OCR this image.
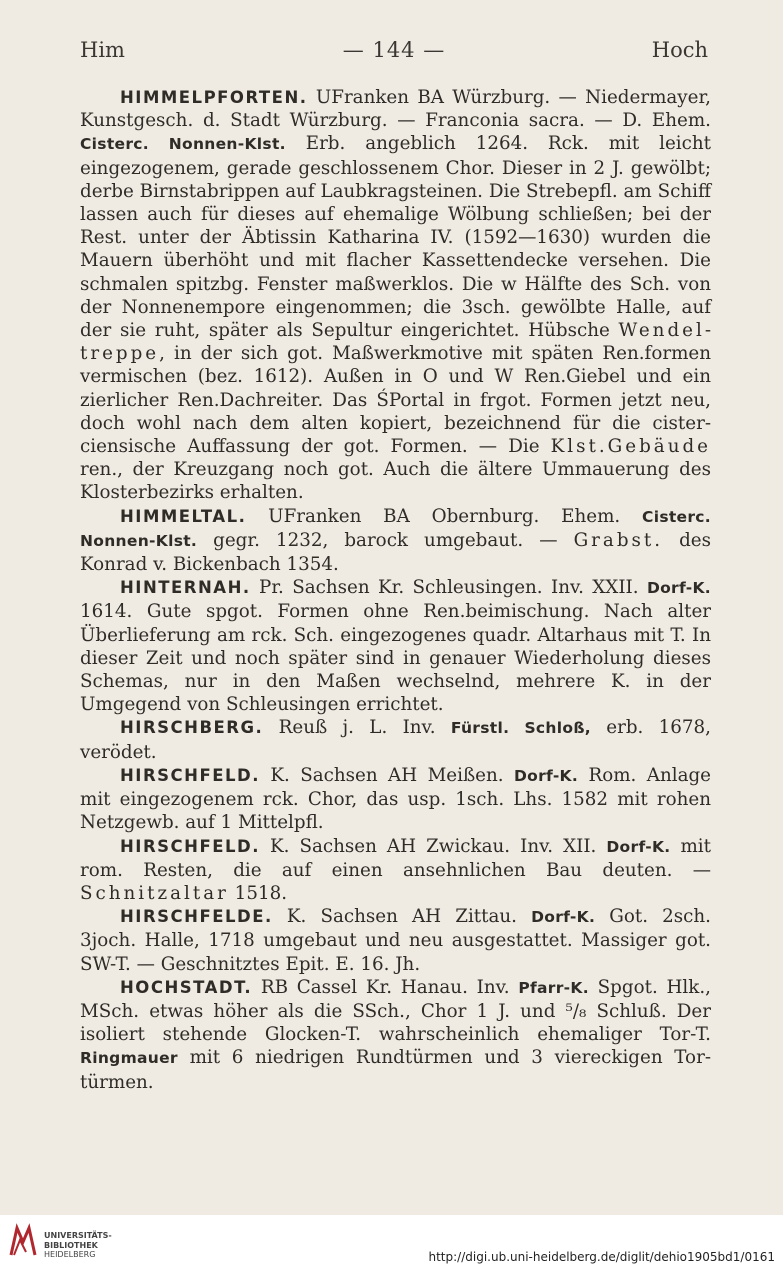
Him	— 144 —	Hoch

HIMMELPFORTEN. UFranken BA Würzburg. — Niedermayer, Kunstgesch. d. Stadt Würzburg. — Franconia sacra. — D. Ehem. Cisterc. Nonnen-Klst. Erb. angeblich 1264. Rck. mit leicht eingezogenem, gerade geschlossenem Chor. Dieser in 2 J. gewölbt; derbe Birnstabrippen auf Laubkragsteinen. Die Strebepfl. am Schiff lassen auch für dieses auf ehemalige Wölbung schließen; bei der Rest. unter der Äbtissin Katharina IV. (1592—1630) wurden die Mauern überhöht und mit flacher Kassettendecke versehen. Die schmalen spitzbg. Fenster maßwerklos. Die w Hälfte des Sch. von der Nonnenempore eingenommen; die 3sch. gewölbte Halle, auf der sie ruht, später als Sepultur eingerichtet. Hübsche Wendeltreppe, in der sich got. Maßwerkmotive mit späten Ren.formen vermischen (bez. 1612). Außen in O und W Ren.Giebel und ein zierlicher Ren.Dachreiter. Das ŚPortal in frgot. Formen jetzt neu, doch wohl nach dem alten kopiert, bezeichnend für die cisterciensische Auffassung der got. Formen. — Die Klst.Gebäude ren., der Kreuzgang noch got. Auch die ältere Ummauerung des Klosterbezirks erhalten.

HIMMELTAL. UFranken BA Obernburg. Ehem. Cisterc. Nonnen-Klst. gegr. 1232, barock umgebaut. — Grabst. des Konrad v. Bickenbach 1354.

HINTERNAH. Pr. Sachsen Kr. Schleusingen. Inv. XXII. Dorf-K. 1614. Gute spgot. Formen ohne Ren.beimischung. Nach alter Überlieferung am rck. Sch. eingezogenes quadr. Altarhaus mit T. In dieser Zeit und noch später sind in genauer Wiederholung dieses Schemas, nur in den Maßen wechselnd, mehrere K. in der Umgegend von Schleusingen errichtet.

HIRSCHBERG. Reuß j. L. Inv. Fürstl. Schloß, erb. 1678, verödet.

HIRSCHFELD. K. Sachsen AH Meißen. Dorf-K. Rom. Anlage mit eingezogenem rck. Chor, das usp. 1sch. Lhs. 1582 mit rohen Netzgewb. auf 1 Mittelpfl.

HIRSCHFELD. K. Sachsen AH Zwickau. Inv. XII. Dorf-K. mit rom. Resten, die auf einen ansehnlichen Bau deuten. — Schnitzaltar 1518.

HIRSCHFELDE. K. Sachsen AH Zittau. Dorf-K. Got. 2sch. 3joch. Halle, 1718 umgebaut und neu ausgestattet. Massiger got. SW-T. — Geschnitztes Epit. E. 16. Jh.

HOCHSTADT. RB Cassel Kr. Hanau. Inv. Pfarr-K. Spgot. Hlk., MSch. etwas höher als die SSch., Chor 1 J. und ⁵/₈ Schluß. Der isoliert stehende Glocken-T. wahrscheinlich ehemaliger Tor-T. Ringmauer mit 6 niedrigen Rundtürmen und 3 viereckigen Tortürmen.

UNIVERSITÄTS-
BIBLIOTHEK
HEIDELBERG	http://digi.ub.uni-heidelberg.de/diglit/dehio1905bd1/0161
